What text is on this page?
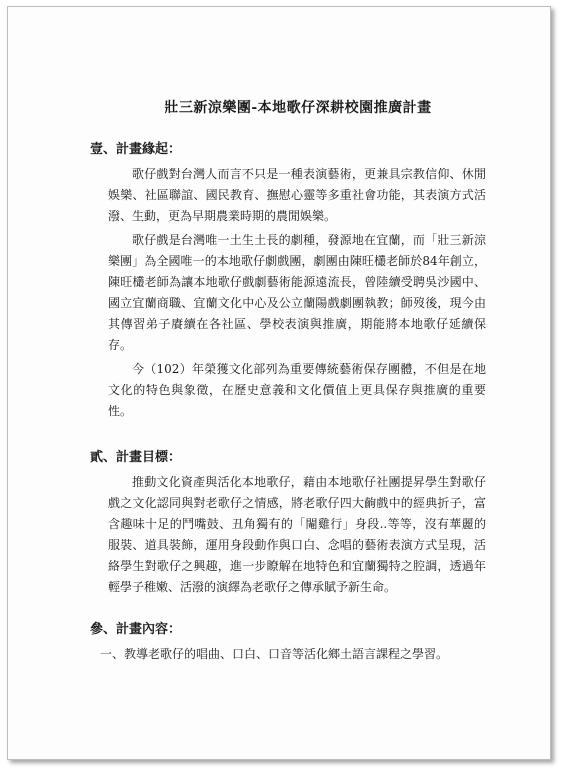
壯三新涼樂團-本地歌仔深耕校園推廣計畫
壹、計畫緣起：

歌仔戲對台灣人而言不只是一種表演藝術，更兼具宗教信仰、休閒娛樂、社區聯誼、國民教育、撫慰心靈等多重社會功能，其表演方式活潑、生動，更為早期農業時期的農閒娛樂。

歌仔戲是台灣唯一土生土長的劇種，發源地在宜蘭，而「壯三新涼樂團」為全國唯一的本地歌仔劇戲團，劇團由陳旺欉老師於84年創立，陳旺欉老師為讓本地歌仔戲劇藝術能源遠流長，曾陸續受聘吳沙國中、國立宜蘭商職、宜蘭文化中心及公立蘭陽戲劇團執教；師歿後，現今由其傳習弟子賡續在各社區、學校表演與推廣，期能將本地歌仔延續保存。

今（102）年榮獲文化部列為重要傳統藝術保存團體，不但是在地文化的特色與象徵，在歷史意義和文化價值上更具保存與推廣的重要性。

貳、計畫目標：

推動文化資產與活化本地歌仔，藉由本地歌仔社團提昇學生對歌仔戲之文化認同與對老歌仔之情感，將老歌仔四大齣戲中的經典折子，富含趣味十足的鬥嘴鼓、丑角獨有的「閹雞行」身段..等等，沒有華麗的服裝、道具裝飾，運用身段動作與口白、念唱的藝術表演方式呈現，活絡學生對歌仔之興趣，進一步瞭解在地特色和宜蘭獨特之腔調，透過年輕學子稚嫩、活潑的演繹為老歌仔之傳承賦予新生命。

參、計畫內容：

一、教導老歌仔的唱曲、口白、口音等活化鄉土語言課程之學習。
